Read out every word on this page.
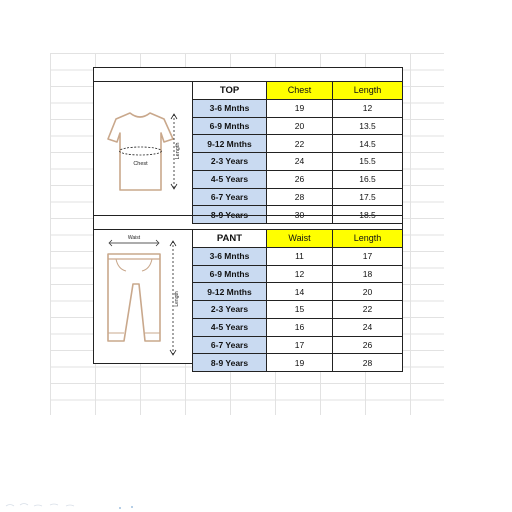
Chest
Length
TOP	Chest	Length
3-6 Mnths	19	12
6-9 Mnths	20	13.5
9-12 Mnths	22	14.5
2-3 Years	24	15.5
4-5 Years	26	16.5
6-7 Years	28	17.5
8-9 Years	30	18.5
Waist
Length
PANT	Waist	Length
3-6 Mnths	11	17
6-9 Mnths	12	18
9-12 Mnths	14	20
2-3 Years	15	22
4-5 Years	16	24
6-7 Years	17	26
8-9 Years	19	28
